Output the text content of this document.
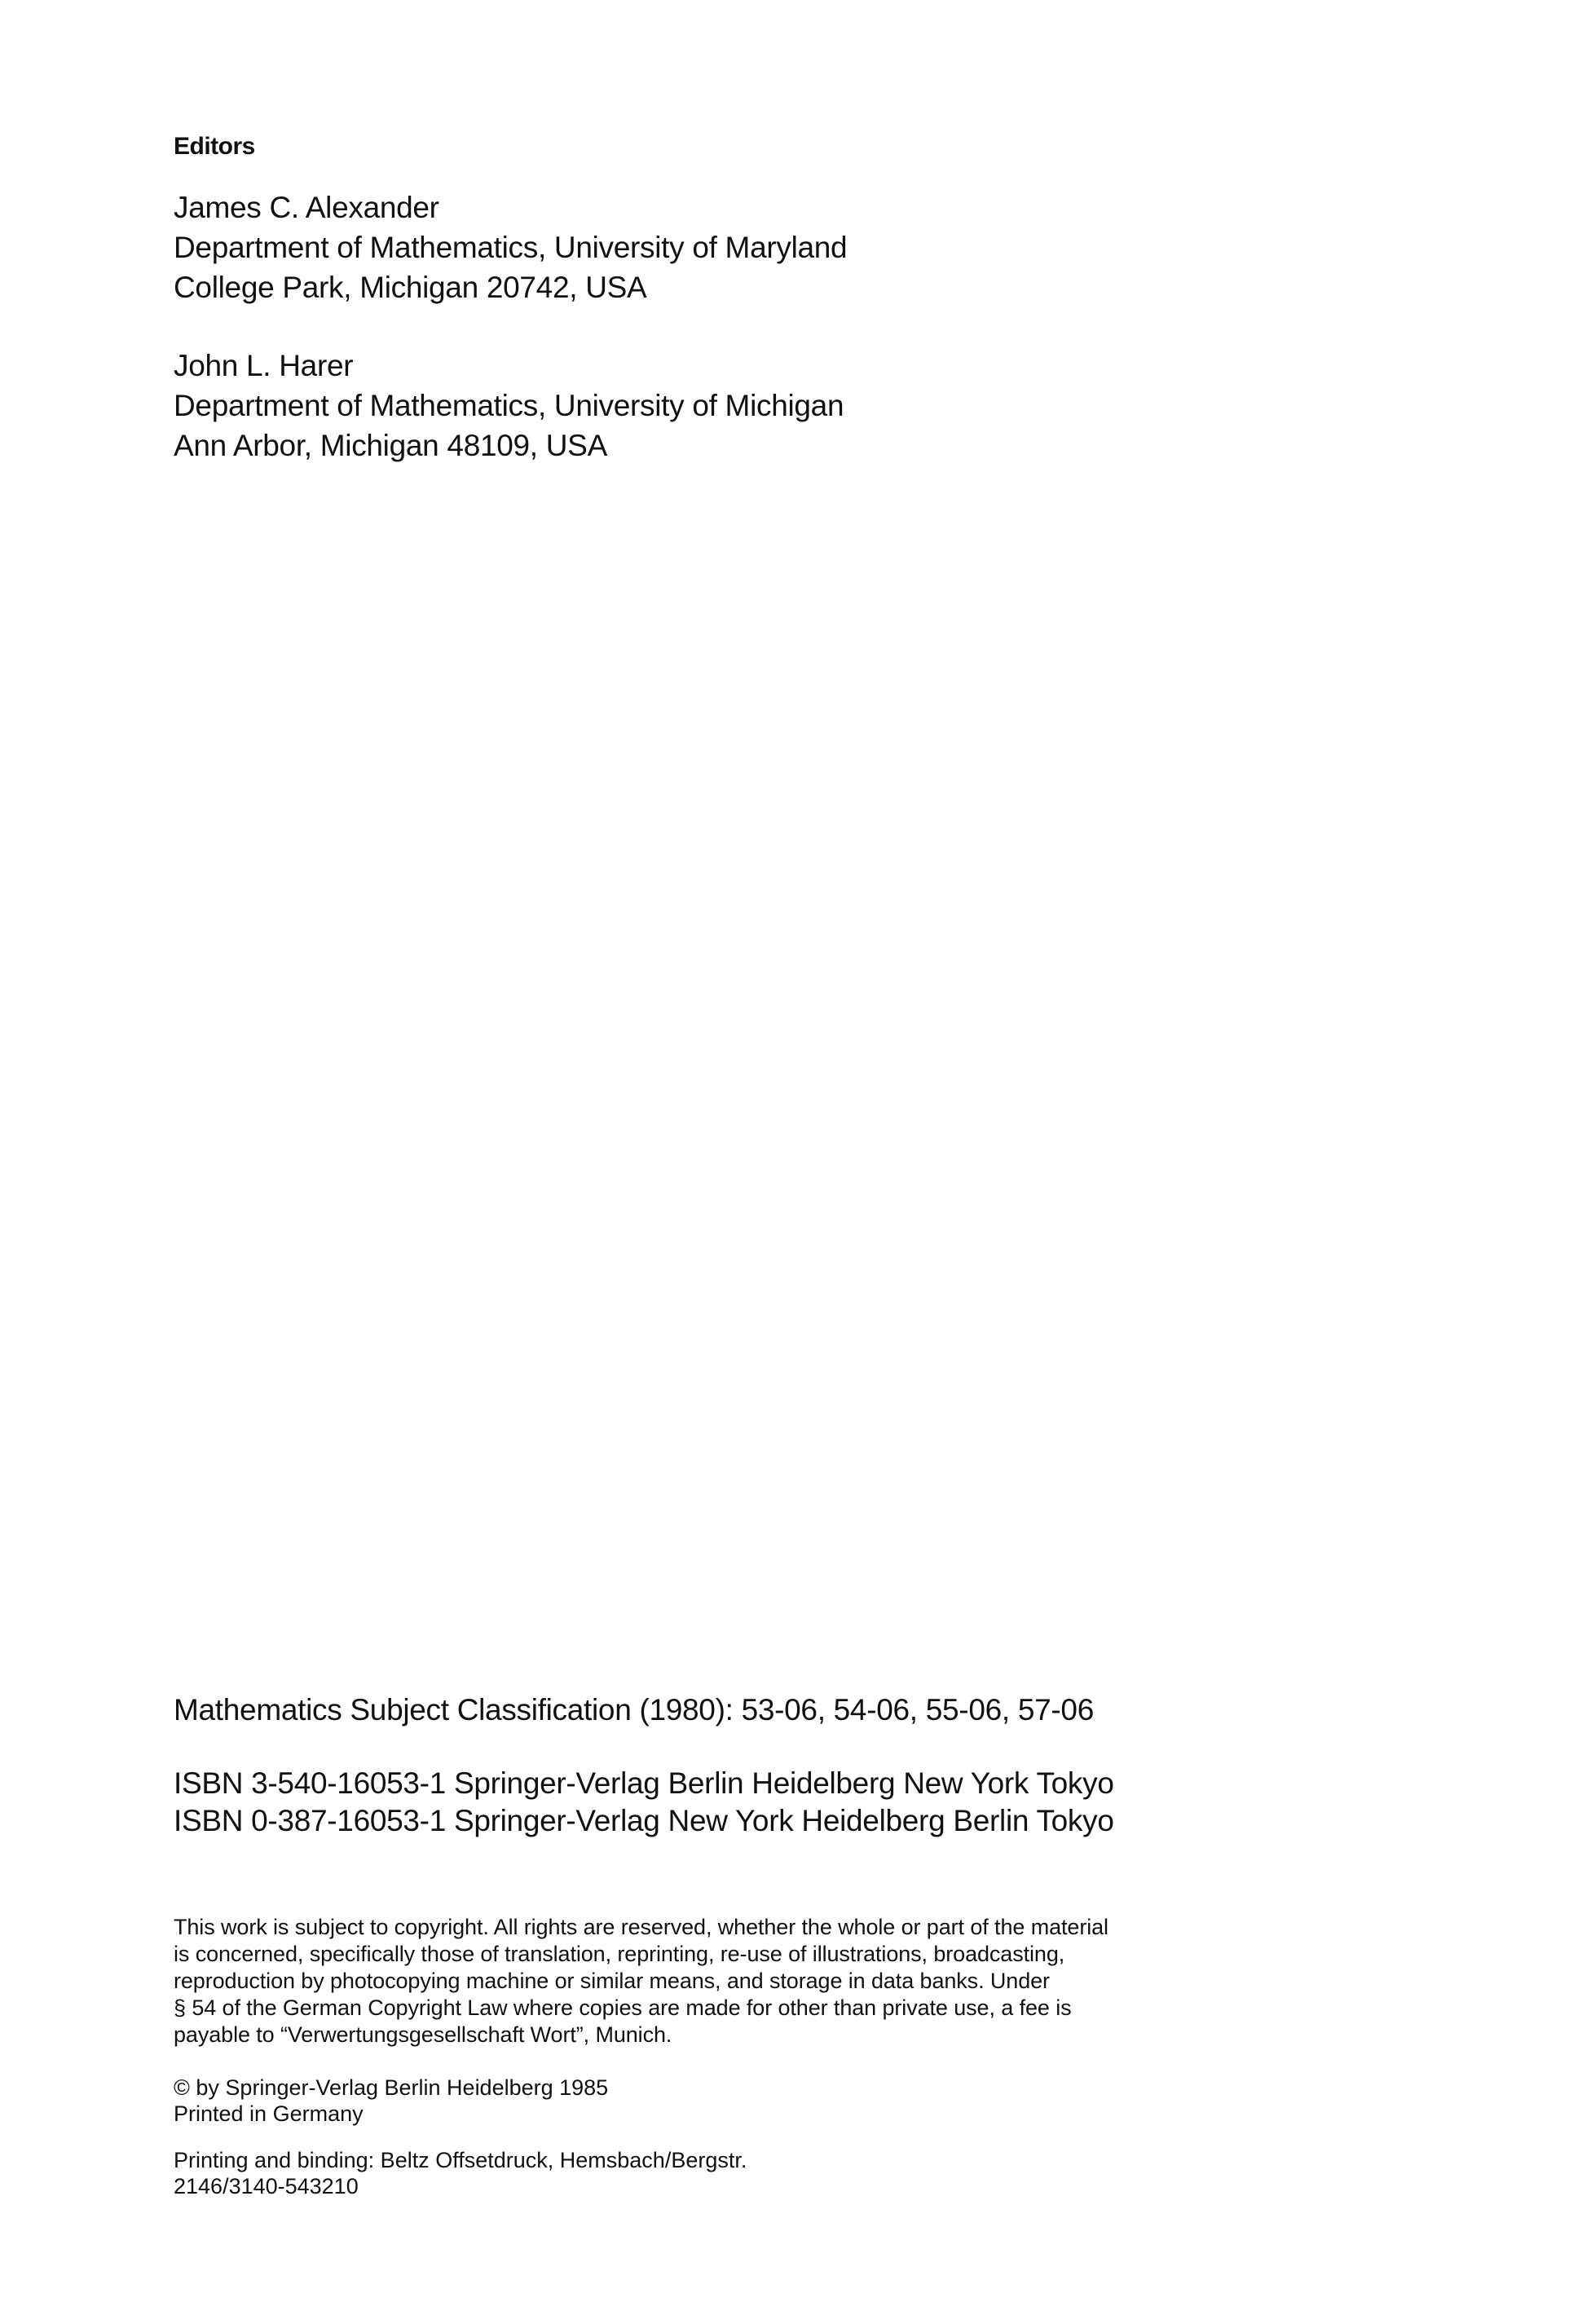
Editors
James C. Alexander
Department of Mathematics, University of Maryland
College Park, Michigan 20742, USA
John L. Harer
Department of Mathematics, University of Michigan
Ann Arbor, Michigan 48109, USA
Mathematics Subject Classification (1980): 53-06, 54-06, 55-06, 57-06
ISBN 3-540-16053-1 Springer-Verlag Berlin Heidelberg New York Tokyo
ISBN 0-387-16053-1 Springer-Verlag New York Heidelberg Berlin Tokyo
This work is subject to copyright. All rights are reserved, whether the whole or part of the material
is concerned, specifically those of translation, reprinting, re-use of illustrations, broadcasting,
reproduction by photocopying machine or similar means, and storage in data banks. Under
§ 54 of the German Copyright Law where copies are made for other than private use, a fee is
payable to “Verwertungsgesellschaft Wort”, Munich.
© by Springer-Verlag Berlin Heidelberg 1985
Printed in Germany
Printing and binding: Beltz Offsetdruck, Hemsbach/Bergstr.
2146/3140-543210
